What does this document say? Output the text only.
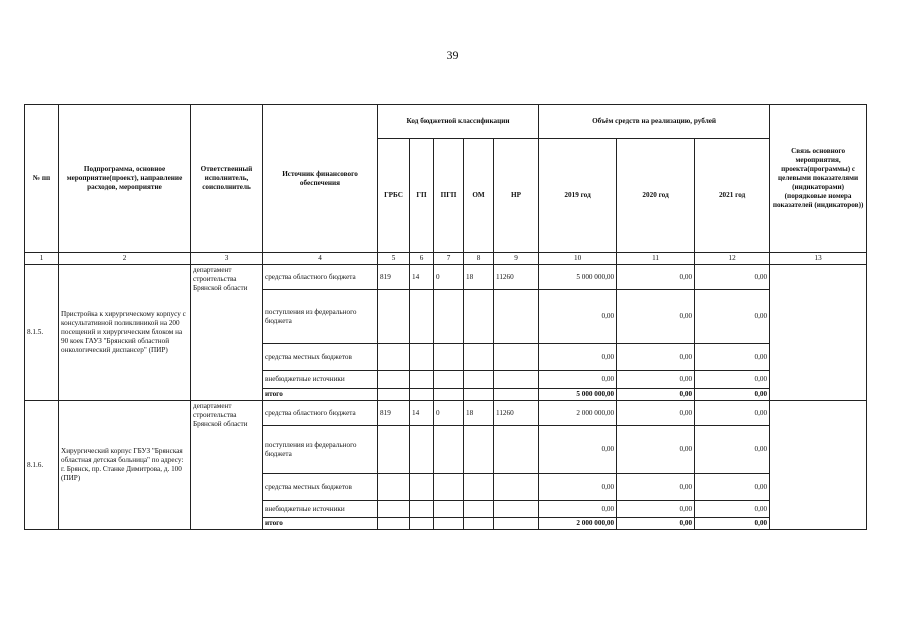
39
№ пп	Подпрограмма, основное мероприятие(проект), направление расходов, мероприятие	Ответственный исполнитель, соисполнитель	Источник финансового обеспечения	Код бюджетной классификации					Объём средств на реализацию, рублей			Связь основного мероприятия, проекта(программы) с целевыми показателями (индикаторами) (порядковые номера показателей (индикаторов))
				ГРБС	ГП	ПГП	ОМ	НР	2019 год	2020 год	2021 год	
1	2	3	4	5	6	7	8	9	10	11	12	13
8.1.5.	Пристройка к хирургическому корпусу с консультативной поликлиникой на 200 посещений и хирургическим блоком на 90 коек ГАУЗ "Брянский областной онкологический диспансер" (ПИР)	департамент строительства Брянской области	средства областного бюджета	819	14	0	18	11260	5 000 000,00	0,00	0,00	
			поступления из федерального бюджета						0,00	0,00	0,00	
			средства местных бюджетов						0,00	0,00	0,00	
			внебюджетные источники						0,00	0,00	0,00	
			итого						5 000 000,00	0,00	0,00	
8.1.6.	Хирургический корпус ГБУЗ "Брянская областная детская больница" по адресу: г. Брянск, пр. Станке Димитрова, д. 100 (ПИР)	департамент строительства Брянской области	средства областного бюджета	819	14	0	18	11260	2 000 000,00	0,00	0,00	
			поступления из федерального бюджета						0,00	0,00	0,00	
			средства местных бюджетов						0,00	0,00	0,00	
			внебюджетные источники						0,00	0,00	0,00	
			итого						2 000 000,00	0,00	0,00	
